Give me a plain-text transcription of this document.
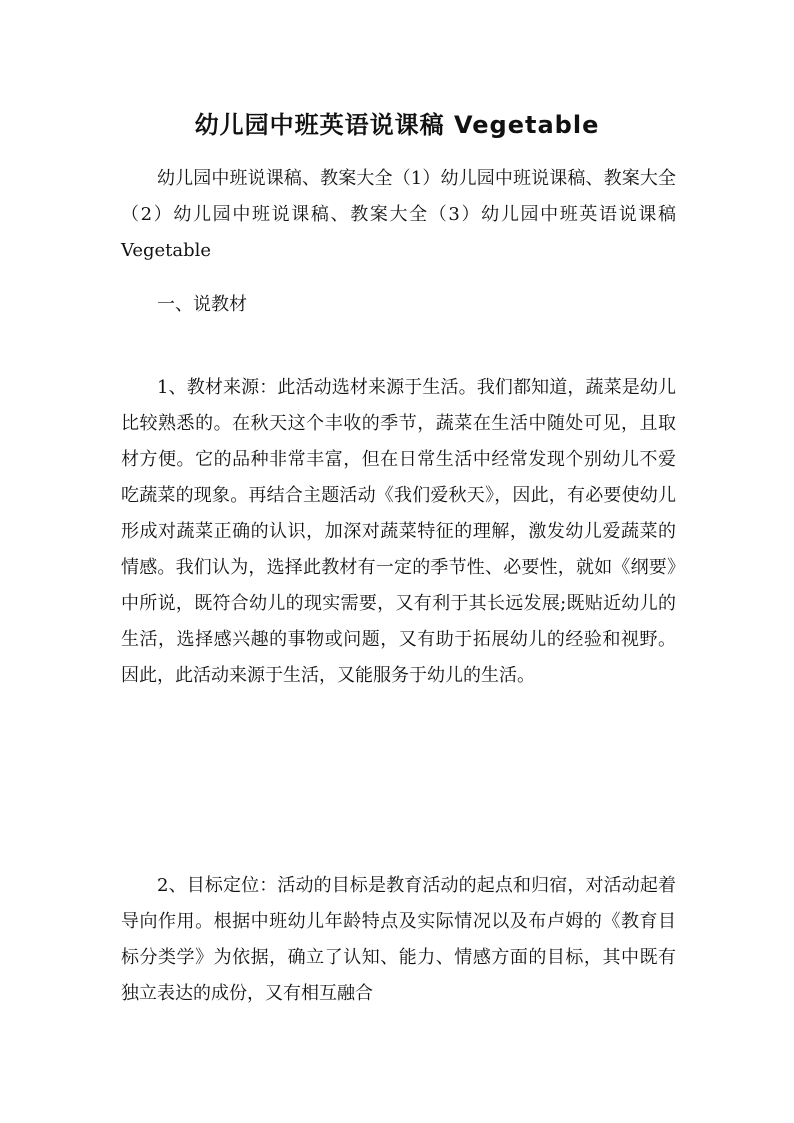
幼儿园中班英语说课稿 Vegetable

幼儿园中班说课稿、教案大全（1）幼儿园中班说课稿、教案大全（2）幼儿园中班说课稿、教案大全（3）幼儿园中班英语说课稿 Vegetable

一、说教材

1、教材来源：此活动选材来源于生活。我们都知道，蔬菜是幼儿比较熟悉的。在秋天这个丰收的季节，蔬菜在生活中随处可见，且取材方便。它的品种非常丰富，但在日常生活中经常发现个别幼儿不爱吃蔬菜的现象。再结合主题活动《我们爱秋天》，因此，有必要使幼儿形成对蔬菜正确的认识，加深对蔬菜特征的理解，激发幼儿爱蔬菜的情感。我们认为，选择此教材有一定的季节性、必要性，就如《纲要》中所说，既符合幼儿的现实需要，又有利于其长远发展;既贴近幼儿的生活，选择感兴趣的事物或问题，又有助于拓展幼儿的经验和视野。因此，此活动来源于生活，又能服务于幼儿的生活。

2、目标定位：活动的目标是教育活动的起点和归宿，对活动起着导向作用。根据中班幼儿年龄特点及实际情况以及布卢姆的《教育目标分类学》为依据，确立了认知、能力、情感方面的目标，其中既有独立表达的成份，又有相互融合
